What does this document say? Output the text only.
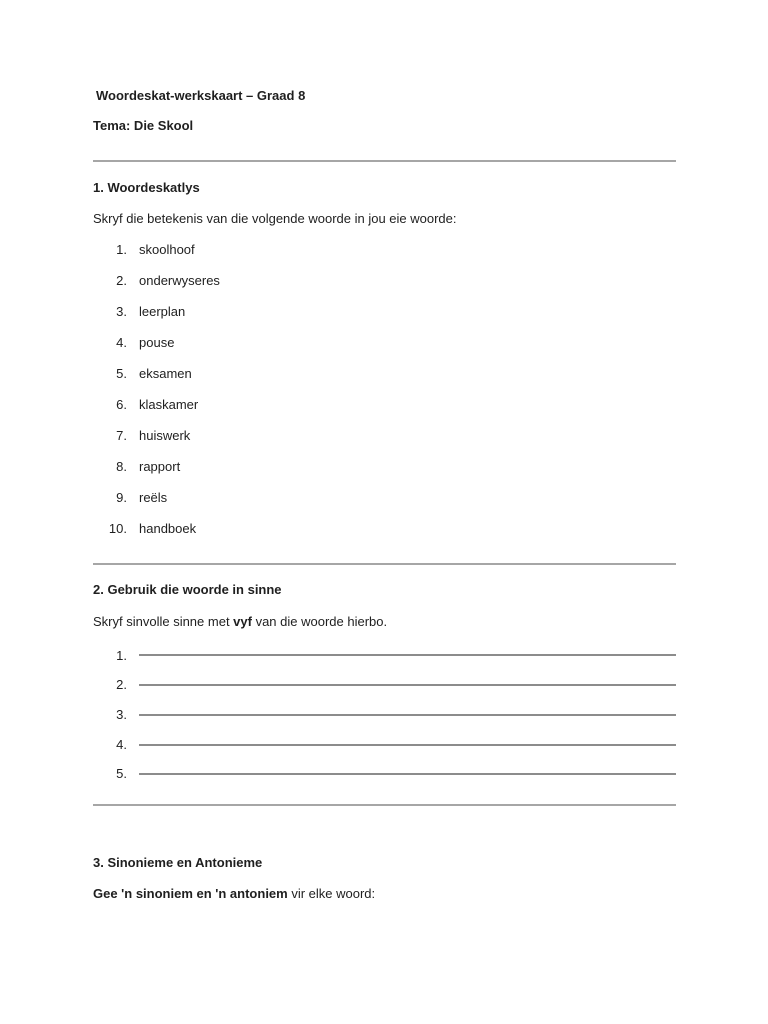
Woordeskat-werkskaart – Graad 8
Tema: Die Skool
1. Woordeskatlys
Skryf die betekenis van die volgende woorde in jou eie woorde:
1. skoolhoof
2. onderwyseres
3. leerplan
4. pouse
5. eksamen
6. klaskamer
7. huiswerk
8. rapport
9. reëls
10. handboek
2. Gebruik die woorde in sinne
Skryf sinvolle sinne met vyf van die woorde hierbo.
1.
2.
3.
4.
5.
3. Sinonieme en Antonieme
Gee 'n sinoniem en 'n antoniem vir elke woord:
